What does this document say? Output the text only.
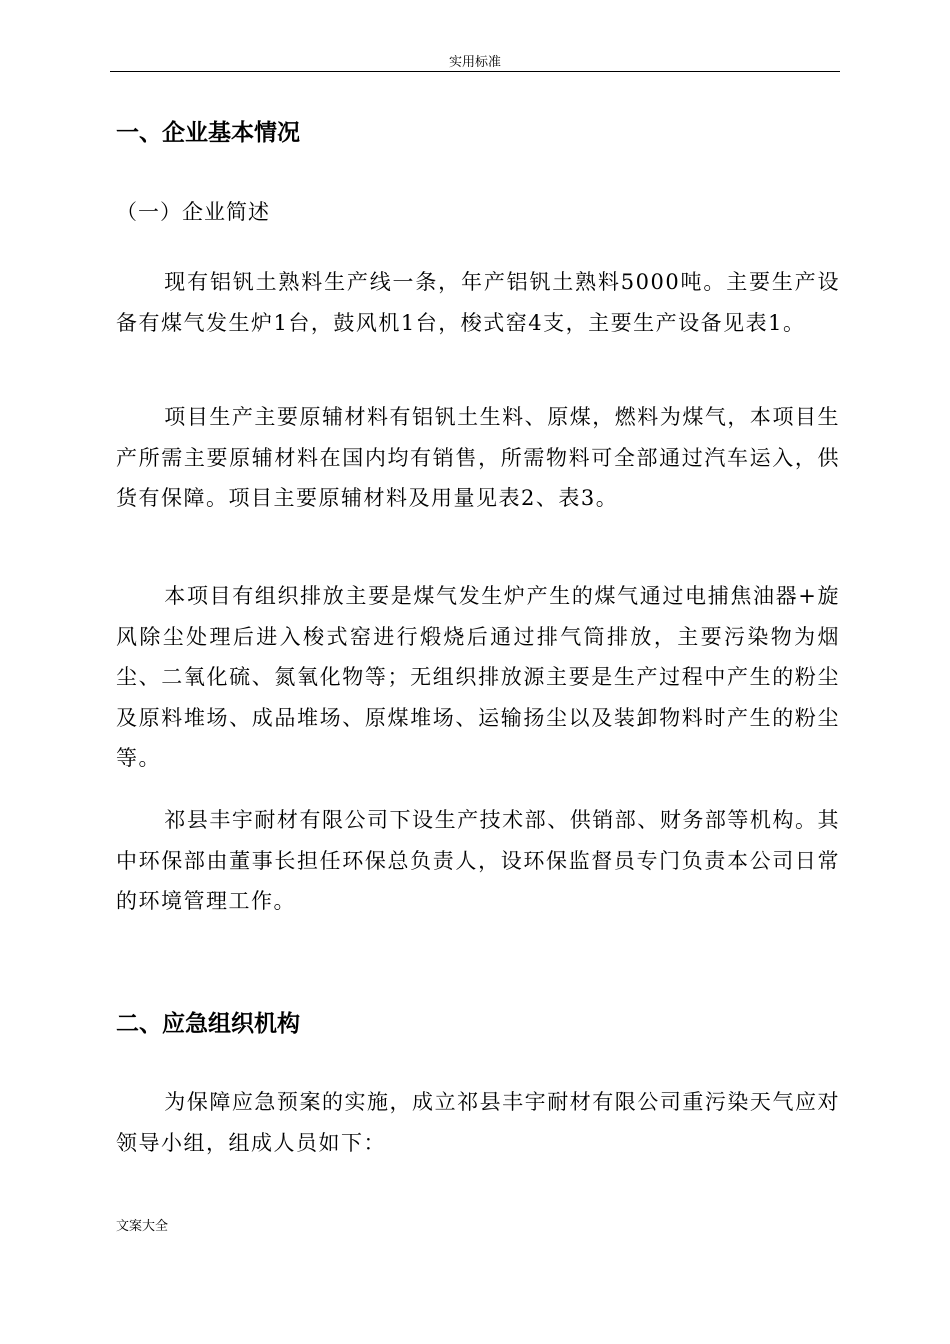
实用标准
一、企业基本情况
（一）企业简述

现有铝钒土熟料生产线一条，年产铝钒土熟料5000吨。主要生产设备有煤气发生炉1台，鼓风机1台，梭式窑4支，主要生产设备见表1。

项目生产主要原辅材料有铝钒土生料、原煤，燃料为煤气，本项目生产所需主要原辅材料在国内均有销售，所需物料可全部通过汽车运入，供货有保障。项目主要原辅材料及用量见表2、表3。

本项目有组织排放主要是煤气发生炉产生的煤气通过电捕焦油器+旋风除尘处理后进入梭式窑进行煅烧后通过排气筒排放，主要污染物为烟尘、二氧化硫、氮氧化物等；无组织排放源主要是生产过程中产生的粉尘及原料堆场、成品堆场、原煤堆场、运输扬尘以及装卸物料时产生的粉尘等。

祁县丰宇耐材有限公司下设生产技术部、供销部、财务部等机构。其中环保部由董事长担任环保总负责人，设环保监督员专门负责本公司日常的环境管理工作。

二、应急组织机构

为保障应急预案的实施，成立祁县丰宇耐材有限公司重污染天气应对领导小组，组成人员如下：

文案大全
